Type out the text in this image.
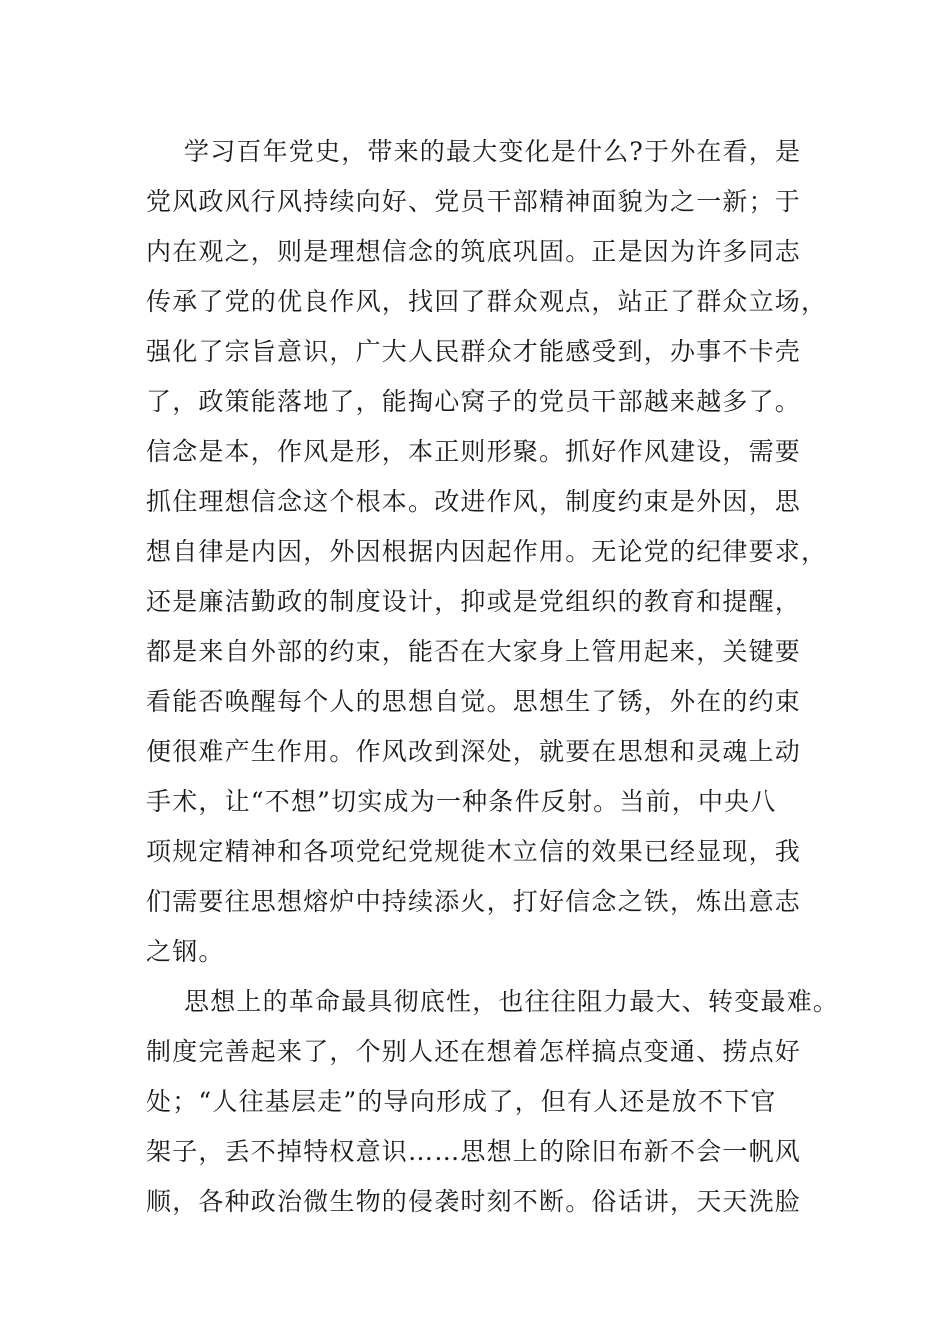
学习百年党史，带来的最大变化是什么?于外在看，是
党风政风行风持续向好、党员干部精神面貌为之一新；于
内在观之，则是理想信念的筑底巩固。正是因为许多同志
传承了党的优良作风，找回了群众观点，站正了群众立场，
强化了宗旨意识，广大人民群众才能感受到，办事不卡壳
了，政策能落地了，能掏心窝子的党员干部越来越多了。
信念是本，作风是形，本正则形聚。抓好作风建设，需要
抓住理想信念这个根本。改进作风，制度约束是外因，思
想自律是内因，外因根据内因起作用。无论党的纪律要求，
还是廉洁勤政的制度设计，抑或是党组织的教育和提醒，
都是来自外部的约束，能否在大家身上管用起来，关键要
看能否唤醒每个人的思想自觉。思想生了锈，外在的约束
便很难产生作用。作风改到深处，就要在思想和灵魂上动
手术，让“不想”切实成为一种条件反射。当前，中央八
项规定精神和各项党纪党规徙木立信的效果已经显现，我
们需要往思想熔炉中持续添火，打好信念之铁，炼出意志
之钢。
思想上的革命最具彻底性，也往往阻力最大、转变最难。
制度完善起来了，个别人还在想着怎样搞点变通、捞点好
处；“人往基层走”的导向形成了，但有人还是放不下官
架子，丢不掉特权意识……思想上的除旧布新不会一帆风
顺，各种政治微生物的侵袭时刻不断。俗话讲，天天洗脸
